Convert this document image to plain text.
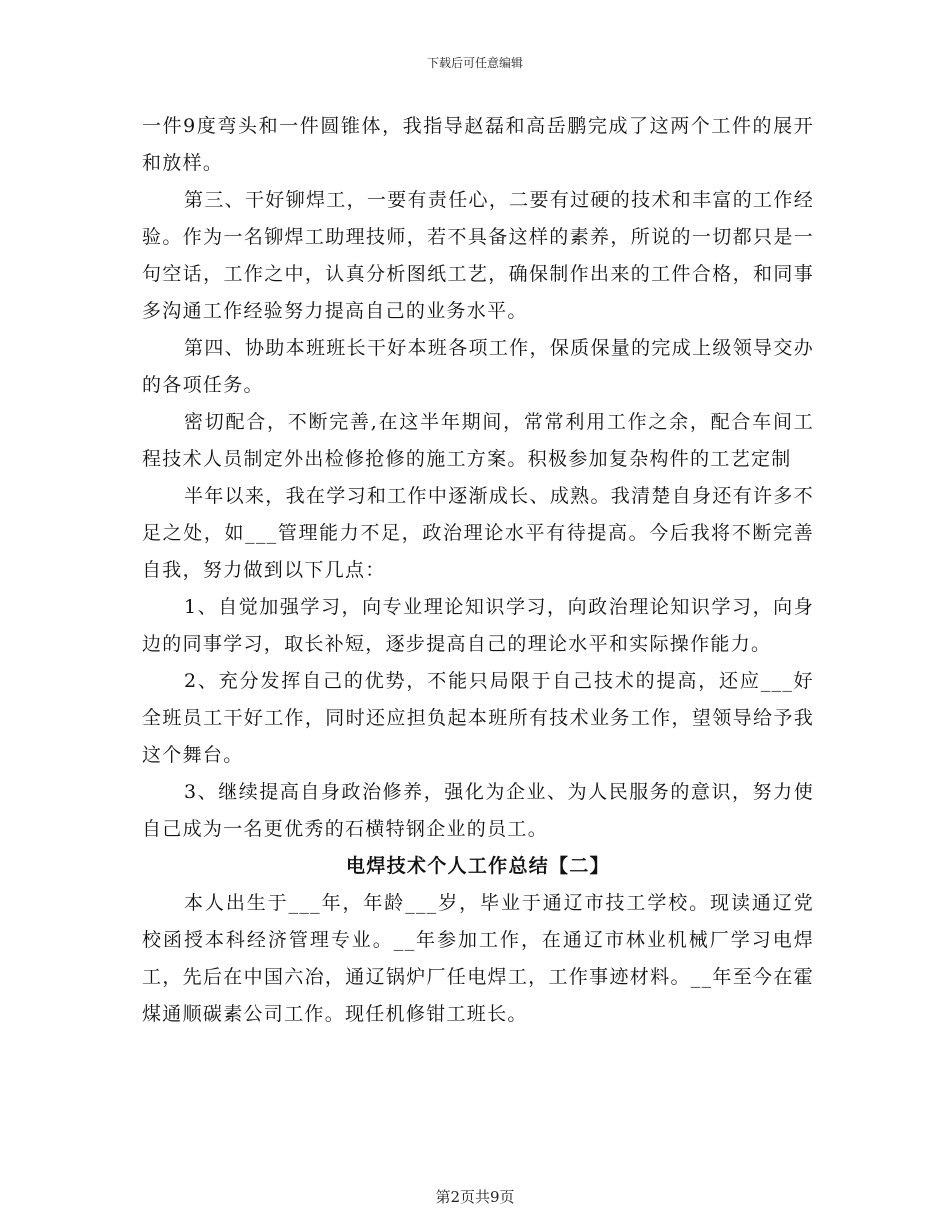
下载后可任意编辑

一件9度弯头和一件圆锥体，我指导赵磊和高岳鹏完成了这两个工件的展开和放样。

第三、干好铆焊工，一要有责任心，二要有过硬的技术和丰富的工作经验。作为一名铆焊工助理技师，若不具备这样的素养，所说的一切都只是一句空话，工作之中，认真分析图纸工艺，确保制作出来的工件合格，和同事多沟通工作经验努力提高自己的业务水平。

第四、协助本班班长干好本班各项工作，保质保量的完成上级领导交办的各项任务。

密切配合，不断完善,在这半年期间，常常利用工作之余，配合车间工程技术人员制定外出检修抢修的施工方案。积极参加复杂构件的工艺定制

半年以来，我在学习和工作中逐渐成长、成熟。我清楚自身还有许多不足之处，如___管理能力不足，政治理论水平有待提高。今后我将不断完善自我，努力做到以下几点：

1、自觉加强学习，向专业理论知识学习，向政治理论知识学习，向身边的同事学习，取长补短，逐步提高自己的理论水平和实际操作能力。

2、充分发挥自己的优势，不能只局限于自己技术的提高，还应___好全班员工干好工作，同时还应担负起本班所有技术业务工作，望领导给予我这个舞台。

3、继续提高自身政治修养，强化为企业、为人民服务的意识，努力使自己成为一名更优秀的石横特钢企业的员工。

电焊技术个人工作总结【二】

本人出生于___年，年龄___岁，毕业于通辽市技工学校。现读通辽党校函授本科经济管理专业。__年参加工作，在通辽市林业机械厂学习电焊工，先后在中国六冶，通辽锅炉厂任电焊工，工作事迹材料。__年至今在霍煤通顺碳素公司工作。现任机修钳工班长。

第2页共9页
